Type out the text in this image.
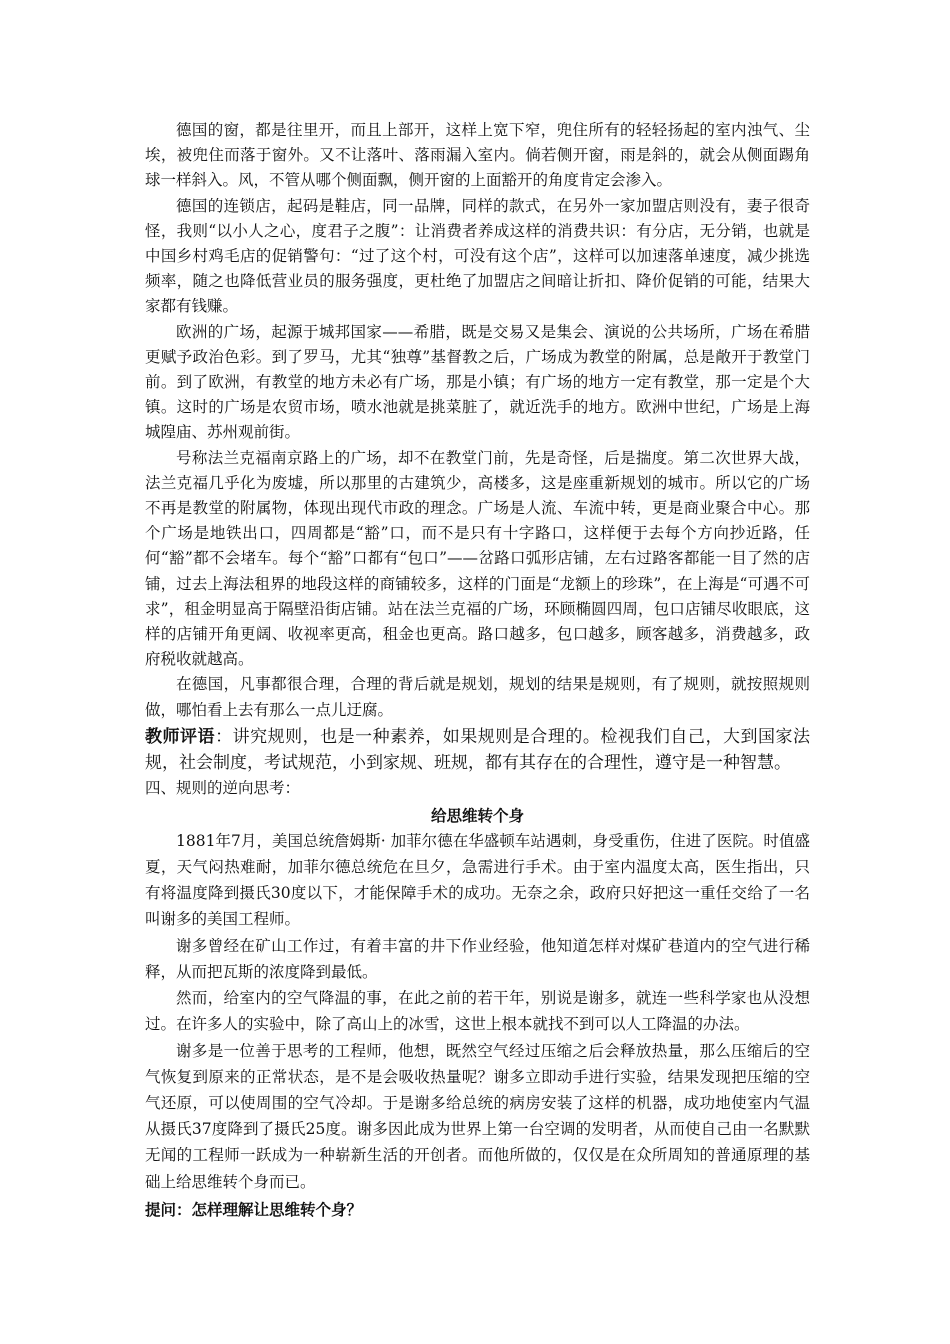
德国的窗，都是往里开，而且上部开，这样上宽下窄，兜住所有的轻轻扬起的室内浊气、尘埃，被兜住而落于窗外。又不让落叶、落雨漏入室内。倘若侧开窗，雨是斜的，就会从侧面踢角球一样斜入。风，不管从哪个侧面飘，侧开窗的上面豁开的角度肯定会渗入。

德国的连锁店，起码是鞋店，同一品牌，同样的款式，在另外一家加盟店则没有，妻子很奇怪，我则“以小人之心，度君子之腹”：让消费者养成这样的消费共识：有分店，无分销，也就是中国乡村鸡毛店的促销警句：“过了这个村，可没有这个店”，这样可以加速落单速度，减少挑选频率，随之也降低营业员的服务强度，更杜绝了加盟店之间暗让折扣、降价促销的可能，结果大家都有钱赚。

欧洲的广场，起源于城邦国家——希腊，既是交易又是集会、演说的公共场所，广场在希腊更赋予政治色彩。到了罗马，尤其“独尊”基督教之后，广场成为教堂的附属，总是敞开于教堂门前。到了欧洲，有教堂的地方未必有广场，那是小镇；有广场的地方一定有教堂，那一定是个大镇。这时的广场是农贸市场，喷水池就是挑菜脏了，就近洗手的地方。欧洲中世纪，广场是上海城隍庙、苏州观前街。

号称法兰克福南京路上的广场，却不在教堂门前，先是奇怪，后是揣度。第二次世界大战，法兰克福几乎化为废墟，所以那里的古建筑少，高楼多，这是座重新规划的城市。所以它的广场不再是教堂的附属物，体现出现代市政的理念。广场是人流、车流中转，更是商业聚合中心。那个广场是地铁出口，四周都是“豁”口，而不是只有十字路口，这样便于去每个方向抄近路，任何“豁”都不会堵车。每个“豁”口都有“包口”——岔路口弧形店铺，左右过路客都能一目了然的店铺，过去上海法租界的地段这样的商铺较多，这样的门面是“龙额上的珍珠”，在上海是“可遇不可求”，租金明显高于隔壁沿街店铺。站在法兰克福的广场，环顾椭圆四周，包口店铺尽收眼底，这样的店铺开角更阔、收视率更高，租金也更高。路口越多，包口越多，顾客越多，消费越多，政府税收就越高。

在德国，凡事都很合理，合理的背后就是规划，规划的结果是规则，有了规则，就按照规则做，哪怕看上去有那么一点儿迂腐。

教师评语：讲究规则，也是一种素养，如果规则是合理的。检视我们自己，大到国家法规，社会制度，考试规范，小到家规、班规，都有其存在的合理性，遵守是一种智慧。

四、规则的逆向思考：

给思维转个身

1881年7月，美国总统詹姆斯· 加菲尔德在华盛顿车站遇刺，身受重伤，住进了医院。时值盛夏，天气闷热难耐，加菲尔德总统危在旦夕，急需进行手术。由于室内温度太高，医生指出，只有将温度降到摄氏30度以下，才能保障手术的成功。无奈之余，政府只好把这一重任交给了一名叫谢多的美国工程师。

谢多曾经在矿山工作过，有着丰富的井下作业经验，他知道怎样对煤矿巷道内的空气进行稀释，从而把瓦斯的浓度降到最低。

然而，给室内的空气降温的事，在此之前的若干年，别说是谢多，就连一些科学家也从没想过。在许多人的实验中，除了高山上的冰雪，这世上根本就找不到可以人工降温的办法。

谢多是一位善于思考的工程师，他想，既然空气经过压缩之后会释放热量，那么压缩后的空气恢复到原来的正常状态，是不是会吸收热量呢？谢多立即动手进行实验，结果发现把压缩的空气还原，可以使周围的空气冷却。于是谢多给总统的病房安装了这样的机器，成功地使室内气温从摄氏37度降到了摄氏25度。谢多因此成为世界上第一台空调的发明者，从而使自己由一名默默无闻的工程师一跃成为一种崭新生活的开创者。而他所做的，仅仅是在众所周知的普通原理的基础上给思维转个身而已。

提问：怎样理解让思维转个身？
